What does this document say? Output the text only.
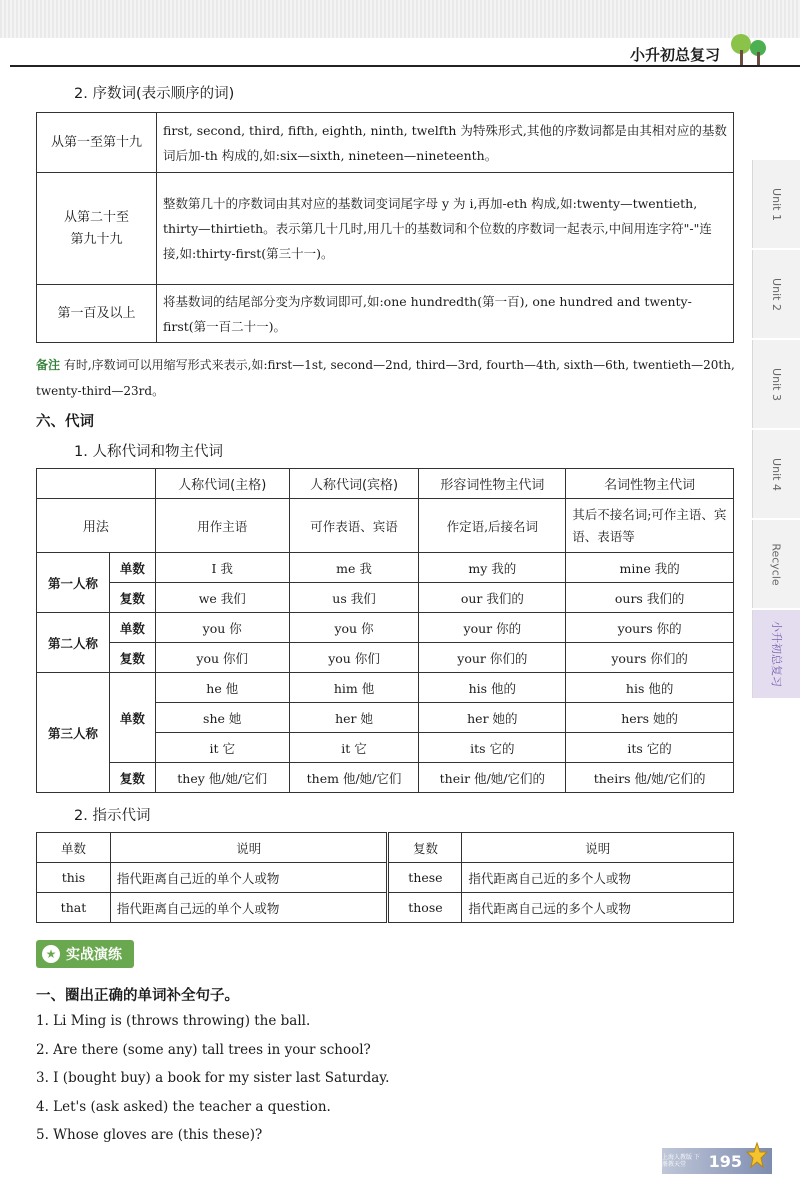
小升初总复习
Unit 1
Unit 2
Unit 3
Unit 4
Recycle
小升初总复习
2. 序数词(表示顺序的词)
从第一至第十九	first, second, third, fifth, eighth, ninth, twelfth 为特殊形式,其他的序数词都是由其相对应的基数词后加-th 构成的,如:six—sixth, nineteen—nineteenth。
从第二十至第九十九	整数第几十的序数词由其对应的基数词变词尾字母 y 为 i,再加-eth 构成,如:twenty—twentieth, thirty—thirtieth。表示第几十几时,用几十的基数词和个位数的序数词一起表示,中间用连字符"-"连接,如:thirty-first(第三十一)。
第一百及以上	将基数词的结尾部分变为序数词即可,如:one hundredth(第一百), one hundred and twenty-first(第一百二十一)。
备注 有时,序数词可以用缩写形式来表示,如:first—1st, second—2nd, third—3rd, fourth—4th, sixth—6th, twentieth—20th, twenty-third—23rd。
六、代词
1. 人称代词和物主代词
		人称代词(主格)	人称代词(宾格)	形容词性物主代词	名词性物主代词
用法		用作主语	可作表语、宾语	作定语,后接名词	其后不接名词;可作主语、宾语、表语等
第一人称	单数	I 我	me 我	my 我的	mine 我的
	复数	we 我们	us 我们	our 我们的	ours 我们的
第二人称	单数	you 你	you 你	your 你的	yours 你的
	复数	you 你们	you 你们	your 你们的	yours 你们的
第三人称	单数	he 他	him 他	his 他的	his 他的
		she 她	her 她	her 她的	hers 她的
		it 它	it 它	its 它的	its 它的
	复数	they 他/她/它们	them 他/她/它们	their 他/她/它们的	theirs 他/她/它们的
2. 指示代词
单数	说明	复数	说明
this	指代距离自己近的单个人或物	these	指代距离自己近的多个人或物
that	指代距离自己远的单个人或物	those	指代距离自己远的多个人或物
★ 实战演练
一、圈出正确的单词补全句子。
1. Li Ming is (throws throwing) the ball.
2. Are there (some any) tall trees in your school?
3. I (bought buy) a book for my sister last Saturday.
4. Let's (ask asked) the teacher a question.
5. Whose gloves are (this these)?
上海人教版 下册教天堂	195
